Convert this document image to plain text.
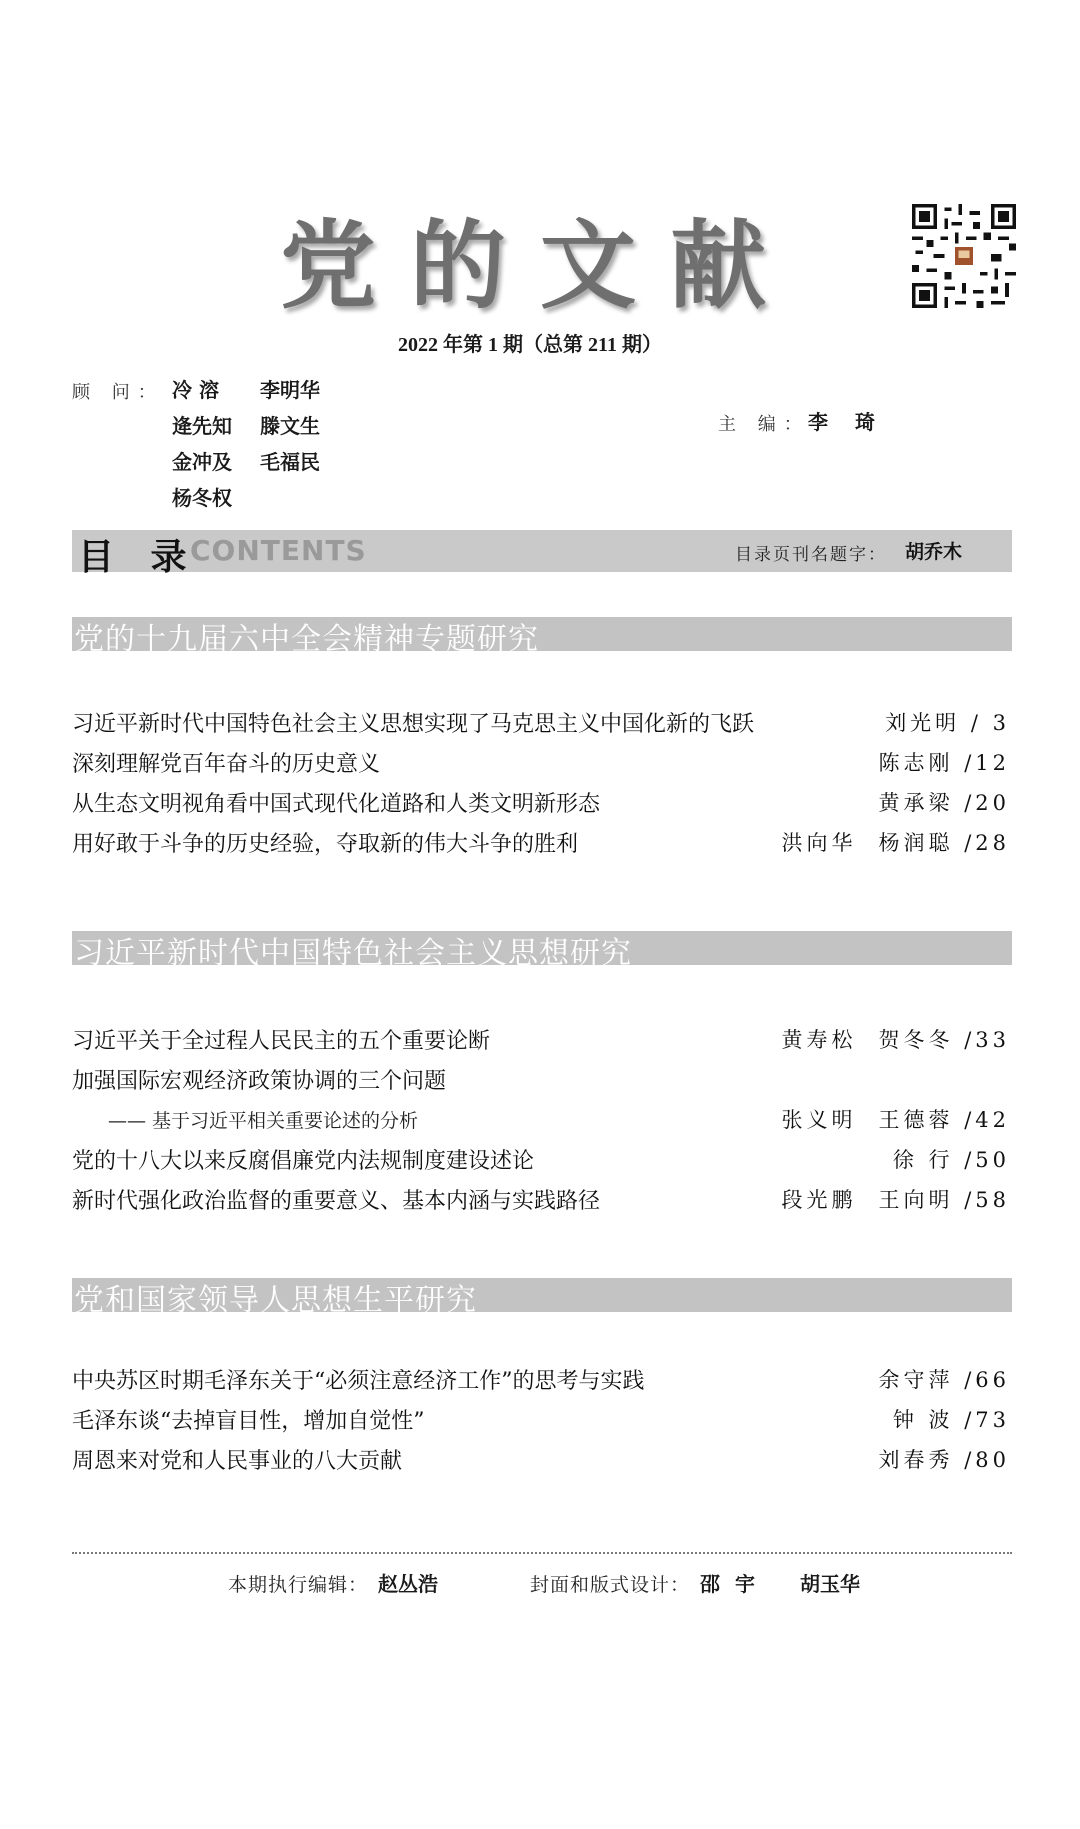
党的文献
2022 年第 1 期（总第 211 期）
顾 问： 冷 溶	李明华
逄先知	滕文生
金冲及	毛福民
杨冬权
主 编：
李 琦
目 录
CONTENTS	目录页刊名题字： 胡乔木
党的十九届六中全会精神专题研究
习近平新时代中国特色社会主义思想实现了马克思主义中国化新的飞跃	刘光明 / 3
深刻理解党百年奋斗的历史意义	陈志刚 /12
从生态文明视角看中国式现代化道路和人类文明新形态	黄承梁 /20
用好敢于斗争的历史经验，夺取新的伟大斗争的胜利	洪向华 杨润聪 /28
习近平新时代中国特色社会主义思想研究
习近平关于全过程人民民主的五个重要论断	黄寿松 贺冬冬 /33
加强国际宏观经济政策协调的三个问题
—— 基于习近平相关重要论述的分析	张义明 王德蓉 /42
党的十八大以来反腐倡廉党内法规制度建设述论	徐 行 /50
新时代强化政治监督的重要意义、基本内涵与实践路径	段光鹏 王向明 /58
党和国家领导人思想生平研究
中央苏区时期毛泽东关于“必须注意经济工作”的思考与实践	余守萍 /66
毛泽东谈“去掉盲目性，增加自觉性”	钟 波 /73
周恩来对党和人民事业的八大贡献	刘春秀 /80
本期执行编辑： 赵丛浩	封面和版式设计： 邵 宇 胡玉华
